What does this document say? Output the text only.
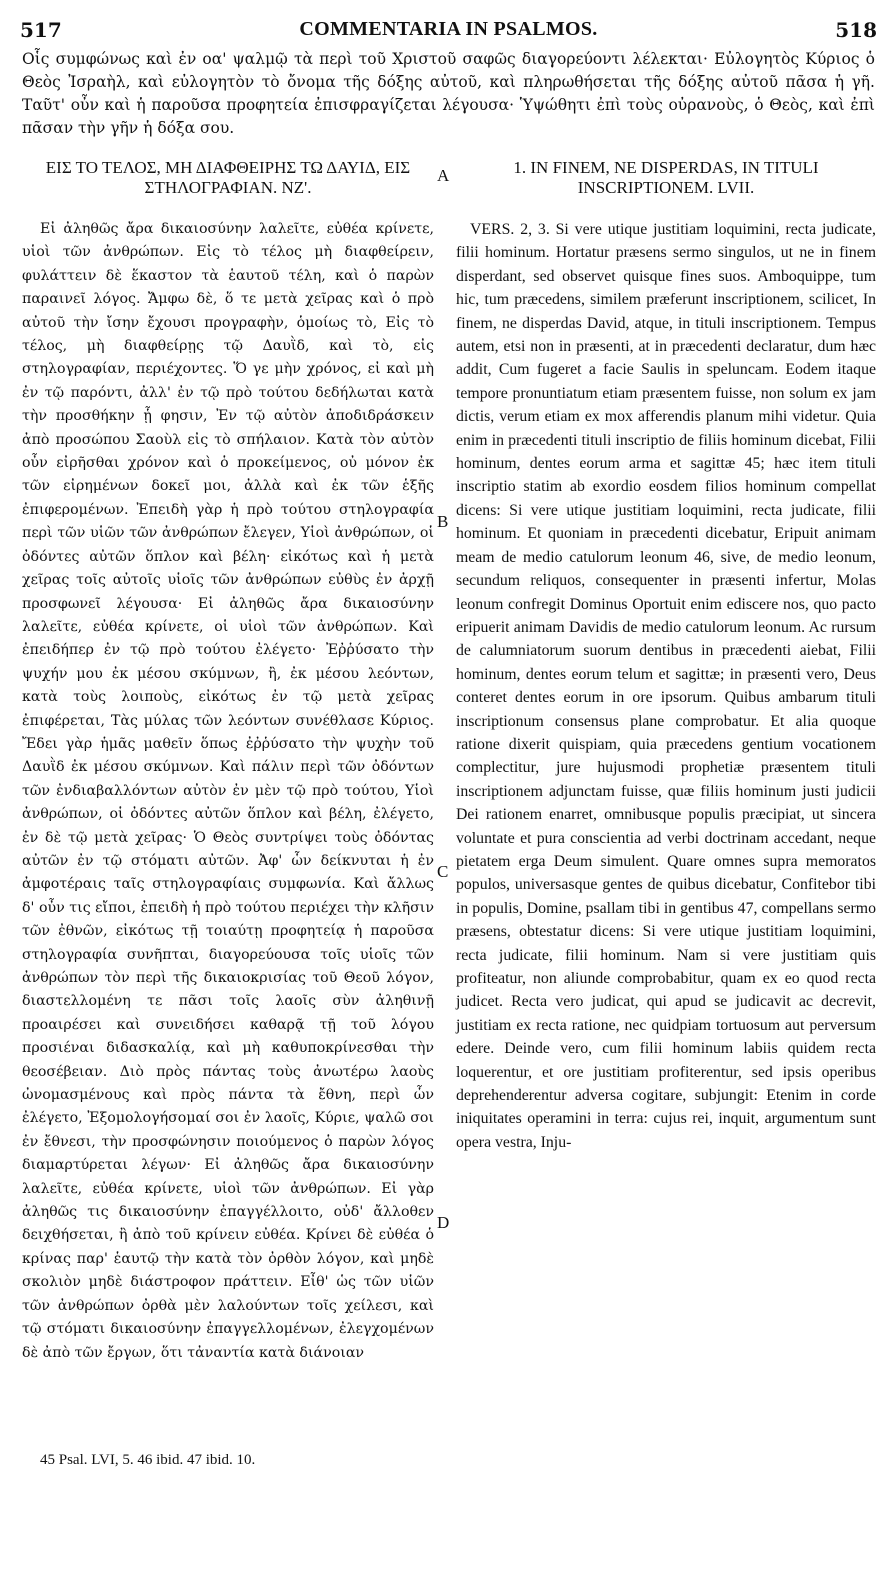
517	COMMENTARIA IN PSALMOS.	518

Οἷς συμφώνως καὶ ἐν οα' ψαλμῷ τὰ περὶ τοῦ Χριστοῦ σαφῶς διαγορεύοντι λέλεκται· Εὐλογητὸς Κύριος ὁ Θεὸς Ἰσραὴλ, καὶ εὐλογητὸν τὸ ὄνομα τῆς δόξης αὐτοῦ, καὶ πληρωθήσεται τῆς δόξης αὐτοῦ πᾶσα ἡ γῆ. Ταῦτ' οὖν καὶ ἡ παροῦσα προφητεία ἐπισφραγίζεται λέγουσα· Ὑψώθητι ἐπὶ τοὺς οὐρανοὺς, ὁ Θεὸς, καὶ ἐπὶ πᾶσαν τὴν γῆν ἡ δόξα σου.

ΕΙΣ ΤΟ ΤΕΛΟΣ, ΜΗ ΔΙΑΦΘΕΙΡΗΣ ΤΩ ΔΑΥΙΔ, ΕΙΣ ΣΤΗΛΟΓΡΑΦΙΑΝ. ΝΖ'.

Εἰ ἀληθῶς ἄρα δικαιοσύνην λαλεῖτε, εὐθέα κρίνετε, υἱοὶ τῶν ἀνθρώπων. Εἰς τὸ τέλος μὴ διαφθείρειν, φυλάττειν δὲ ἕκαστον τὰ ἑαυτοῦ τέλη, καὶ ὁ παρὼν παραινεῖ λόγος. Ἄμφω δὲ, ὅ τε μετὰ χεῖρας καὶ ὁ πρὸ αὐτοῦ τὴν ἴσην ἔχουσι προγραφὴν, ὁμοίως τὸ, Εἰς τὸ τέλος, μὴ διαφθείρῃς τῷ Δαυῒδ, καὶ τὸ, εἰς στηλογραφίαν, περιέχοντες. Ὅ γε μὴν χρόνος, εἰ καὶ μὴ ἐν τῷ παρόντι, ἀλλ' ἐν τῷ πρὸ τούτου δεδήλωται κατὰ τὴν προσθήκην ᾗ φησιν, Ἐν τῷ αὐτὸν ἀποδιδράσκειν ἀπὸ προσώπου Σαοὺλ εἰς τὸ σπήλαιον. Κατὰ τὸν αὐτὸν οὖν εἰρῆσθαι χρόνον καὶ ὁ προκείμενος, οὐ μόνον ἐκ τῶν εἰρημένων δοκεῖ μοι, ἀλλὰ καὶ ἐκ τῶν ἑξῆς ἐπιφερομένων. Ἐπειδὴ γὰρ ἡ πρὸ τούτου στηλογραφία περὶ τῶν υἱῶν τῶν ἀνθρώπων ἔλεγεν, Υἱοὶ ἀνθρώπων, οἱ ὀδόντες αὐτῶν ὅπλον καὶ βέλη· εἰκότως καὶ ἡ μετὰ χεῖρας τοῖς αὐτοῖς υἱοῖς τῶν ἀνθρώπων εὐθὺς ἐν ἀρχῇ προσφωνεῖ λέγουσα· Εἰ ἀληθῶς ἄρα δικαιοσύνην λαλεῖτε, εὐθέα κρίνετε, οἱ υἱοὶ τῶν ἀνθρώπων. Καὶ ἐπειδήπερ ἐν τῷ πρὸ τούτου ἐλέγετο· Ἐῤῥύσατο τὴν ψυχήν μου ἐκ μέσου σκύμνων, ἢ, ἐκ μέσου λεόντων, κατὰ τοὺς λοιποὺς, εἰκότως ἐν τῷ μετὰ χεῖρας ἐπιφέρεται, Τὰς μύλας τῶν λεόντων συνέθλασε Κύριος. Ἔδει γὰρ ἡμᾶς μαθεῖν ὅπως ἐῤῥύσατο τὴν ψυχὴν τοῦ Δαυῒδ ἐκ μέσου σκύμνων. Καὶ πάλιν περὶ τῶν ὀδόντων τῶν ἐνδιαβαλλόντων αὐτὸν ἐν μὲν τῷ πρὸ τούτου, Υἱοὶ ἀνθρώπων, οἱ ὀδόντες αὐτῶν ὅπλον καὶ βέλη, ἐλέγετο, ἐν δὲ τῷ μετὰ χεῖρας· Ὁ Θεὸς συντρίψει τοὺς ὀδόντας αὐτῶν ἐν τῷ στόματι αὐτῶν. Ἀφ' ὧν δείκνυται ἡ ἐν ἀμφοτέραις ταῖς στηλογραφίαις συμφωνία. Καὶ ἄλλως δ' οὖν τις εἴποι, ἐπειδὴ ἡ πρὸ τούτου περιέχει τὴν κλῆσιν τῶν ἐθνῶν, εἰκότως τῇ τοιαύτῃ προφητείᾳ ἡ παροῦσα στηλογραφία συνῆπται, διαγορεύουσα τοῖς υἱοῖς τῶν ἀνθρώπων τὸν περὶ τῆς δικαιοκρισίας τοῦ Θεοῦ λόγον, διαστελλομένη τε πᾶσι τοῖς λαοῖς σὺν ἀληθινῇ προαιρέσει καὶ συνειδήσει καθαρᾷ τῇ τοῦ λόγου προσιέναι διδασκαλίᾳ, καὶ μὴ καθυποκρίνεσθαι τὴν θεοσέβειαν. Διὸ πρὸς πάντας τοὺς ἀνωτέρω λαοὺς ὠνομασμένους καὶ πρὸς πάντα τὰ ἔθνη, περὶ ὧν ἐλέγετο, Ἐξομολογήσομαί σοι ἐν λαοῖς, Κύριε, ψαλῶ σοι ἐν ἔθνεσι, τὴν προσφώνησιν ποιούμενος ὁ παρὼν λόγος διαμαρτύρεται λέγων· Εἰ ἀληθῶς ἄρα δικαιοσύνην λαλεῖτε, εὐθέα κρίνετε, υἱοὶ τῶν ἀνθρώπων. Εἰ γὰρ ἀληθῶς τις δικαιοσύνην ἐπαγγέλλοιτο, οὐδ' ἄλλοθεν δειχθήσεται, ἢ ἀπὸ τοῦ κρίνειν εὐθέα. Κρίνει δὲ εὐθέα ὁ κρίνας παρ' ἑαυτῷ τὴν κατὰ τὸν ὀρθὸν λόγον, καὶ μηδὲ σκολιὸν μηδὲ διάστροφον πράττειν. Εἶθ' ὡς τῶν υἱῶν τῶν ἀνθρώπων ὀρθὰ μὲν λαλούντων τοῖς χείλεσι, καὶ τῷ στόματι δικαιοσύνην ἐπαγγελλομένων, ἐλεγχομένων δὲ ἀπὸ τῶν ἔργων, ὅτι τἀναντία κατὰ διάνοιαν

1. IN FINEM, NE DISPERDAS, IN TITULI INSCRIPTIONEM. LVII.

VERS. 2, 3. Si vere utique justitiam loquimini, recta judicate, filii hominum. Hortatur præsens sermo singulos, ut ne in finem disperdant, sed observet quisque fines suos. Amboquippe, tum hic, tum præcedens, similem præferunt inscriptionem, scilicet, In finem, ne disperdas David, atque, in tituli inscriptionem. Tempus autem, etsi non in præsenti, at in præcedenti declaratur, dum hæc addit, Cum fugeret a facie Saulis in speluncam. Eodem itaque tempore pronuntiatum etiam præsentem fuisse, non solum ex jam dictis, verum etiam ex mox afferendis planum mihi videtur. Quia enim in præcedenti tituli inscriptio de filiis hominum dicebat, Filii hominum, dentes eorum arma et sagittæ 45; hæc item tituli inscriptio statim ab exordio eosdem filios hominum compellat dicens: Si vere utique justitiam loquimini, recta judicate, filii hominum. Et quoniam in præcedenti dicebatur, Eripuit animam meam de medio catulorum leonum 46, sive, de medio leonum, secundum reliquos, consequenter in præsenti infertur, Molas leonum confregit Dominus Oportuit enim ediscere nos, quo pacto eripuerit animam Davidis de medio catulorum leonum. Ac rursum de calumniatorum suorum dentibus in præcedenti aiebat, Filii hominum, dentes eorum telum et sagittæ; in præsenti vero, Deus conteret dentes eorum in ore ipsorum. Quibus ambarum tituli inscriptionum consensus plane comprobatur. Et alia quoque ratione dixerit quispiam, quia præcedens gentium vocationem complectitur, jure hujusmodi prophetiæ præsentem tituli inscriptionem adjunctam fuisse, quæ filiis hominum justi judicii Dei rationem enarret, omnibusque populis præcipiat, ut sincera voluntate et pura conscientia ad verbi doctrinam accedant, neque pietatem erga Deum simulent. Quare omnes supra memoratos populos, universasque gentes de quibus dicebatur, Confitebor tibi in populis, Domine, psallam tibi in gentibus 47, compellans sermo præsens, obtestatur dicens: Si vere utique justitiam loquimini, recta judicate, filii hominum. Nam si vere justitiam quis profiteatur, non aliunde comprobabitur, quam ex eo quod recta judicet. Recta vero judicat, qui apud se judicavit ac decrevit, justitiam ex recta ratione, nec quidpiam tortuosum aut perversum edere. Deinde vero, cum filii hominum labiis quidem recta loquerentur, et ore justitiam profiterentur, sed ipsis operibus deprehenderentur adversa cogitare, subjungit: Etenim in corde iniquitates operamini in terra: cujus rei, inquit, argumentum sunt opera vestra, Inju-

A
B
C
D
45 Psal. LVI, 5. 46 ibid. 47 ibid. 10.
